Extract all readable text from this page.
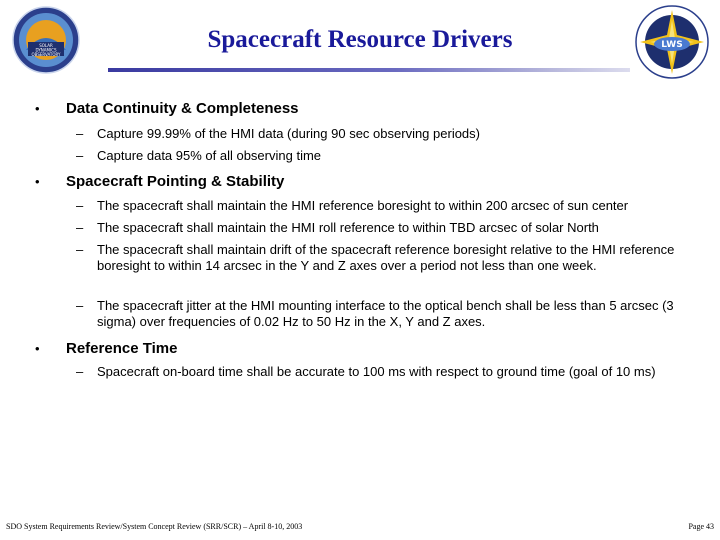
SOLAR
DYNAMICS
OBSERVATORY
Spacecraft Resource Drivers	LWS
• Data Continuity & Completeness
– Capture 99.99% of the HMI data (during 90 sec observing periods)
– Capture data 95% of all observing time
• Spacecraft Pointing & Stability
– The spacecraft shall maintain the HMI reference boresight to within 200 arcsec of sun center
– The spacecraft shall maintain the HMI roll reference to within TBD arcsec of solar North
– The spacecraft shall maintain drift of the spacecraft reference boresight relative to the HMI reference boresight to within 14 arcsec in the Y and Z axes over a period not less than one week.
– The spacecraft jitter at the HMI mounting interface to the optical bench shall be less than 5 arcsec (3 sigma) over frequencies of 0.02 Hz to 50 Hz in the X, Y and Z axes.
• Reference Time
– Spacecraft on-board time shall be accurate to 100 ms with respect to ground time (goal of 10 ms)
SDO System Requirements Review/System Concept Review (SRR/SCR) – April 8-10, 2003	Page 43
